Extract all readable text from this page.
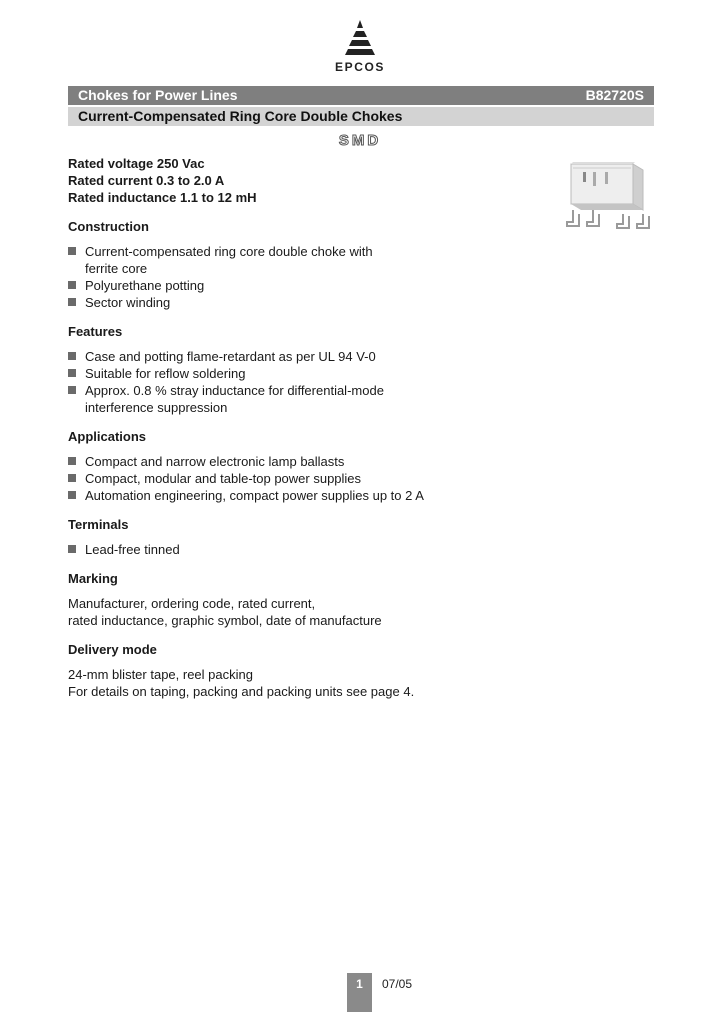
EPCOS
Chokes for Power Lines	B82720S
Current-Compensated Ring Core Double Chokes
SMD
Rated voltage 250 Vac
Rated current 0.3 to 2.0 A
Rated inductance 1.1 to 12 mH
Construction
Current-compensated ring core double choke with ferrite core
Polyurethane potting
Sector winding
Features
Case and potting flame-retardant as per UL 94 V-0
Suitable for reflow soldering
Approx. 0.8 % stray inductance for differential-mode interference suppression
Applications
Compact and narrow electronic lamp ballasts
Compact, modular and table-top power supplies
Automation engineering, compact power supplies up to 2 A
Terminals
Lead-free tinned
Marking
Manufacturer, ordering code, rated current,
rated inductance, graphic symbol, date of manufacture
Delivery mode
24-mm blister tape, reel packing
For details on taping, packing and packing units see page 4.
1	07/05
